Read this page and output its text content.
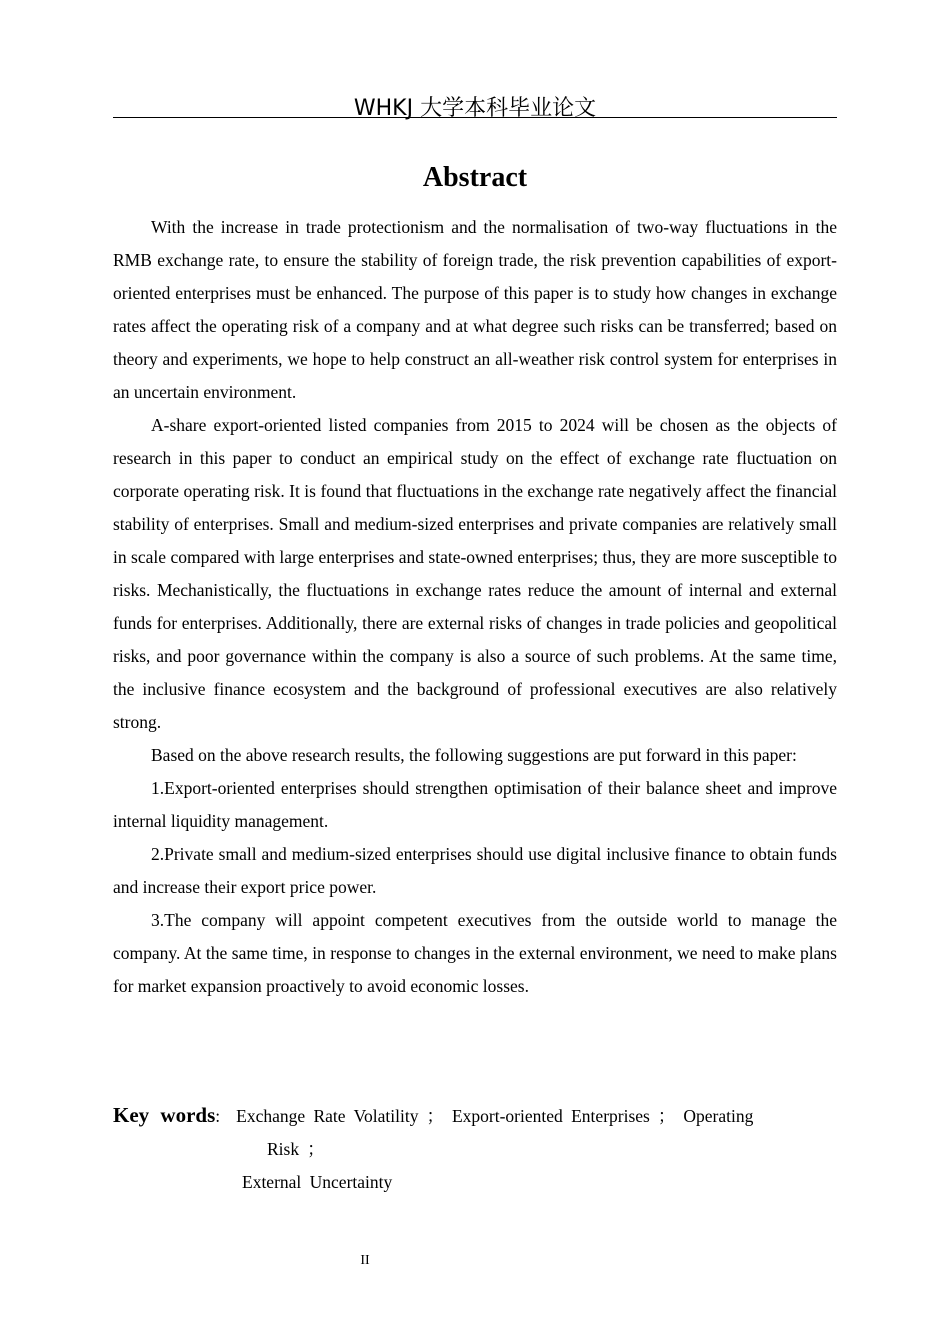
WHKJ 大学本科毕业论文
Abstract

With the increase in trade protectionism and the normalisation of two-way fluctuations in the RMB exchange rate, to ensure the stability of foreign trade, the risk prevention capabilities of export-oriented enterprises must be enhanced. The purpose of this paper is to study how changes in exchange rates affect the operating risk of a company and at what degree such risks can be transferred; based on theory and experiments, we hope to help construct an all-weather risk control system for enterprises in an uncertain environment.

A-share export-oriented listed companies from 2015 to 2024 will be chosen as the objects of research in this paper to conduct an empirical study on the effect of exchange rate fluctuation on corporate operating risk. It is found that fluctuations in the exchange rate negatively affect the financial stability of enterprises. Small and medium-sized enterprises and private companies are relatively small in scale compared with large enterprises and state-owned enterprises; thus, they are more susceptible to risks. Mechanistically, the fluctuations in exchange rates reduce the amount of internal and external funds for enterprises. Additionally, there are external risks of changes in trade policies and geopolitical risks, and poor governance within the company is also a source of such problems. At the same time, the inclusive finance ecosystem and the background of professional executives are also relatively strong.

Based on the above research results, the following suggestions are put forward in this paper:

1.Export-oriented enterprises should strengthen optimisation of their balance sheet and improve internal liquidity management.

2.Private small and medium-sized enterprises should use digital inclusive finance to obtain funds and increase their export price power.

3.The company will appoint competent executives from the outside world to manage the company. At the same time, in response to changes in the external environment, we need to make plans for market expansion proactively to avoid economic losses.

Key words: Exchange Rate Volatility ； Export-oriented Enterprises ； Operating
Risk ；
External Uncertainty
II
